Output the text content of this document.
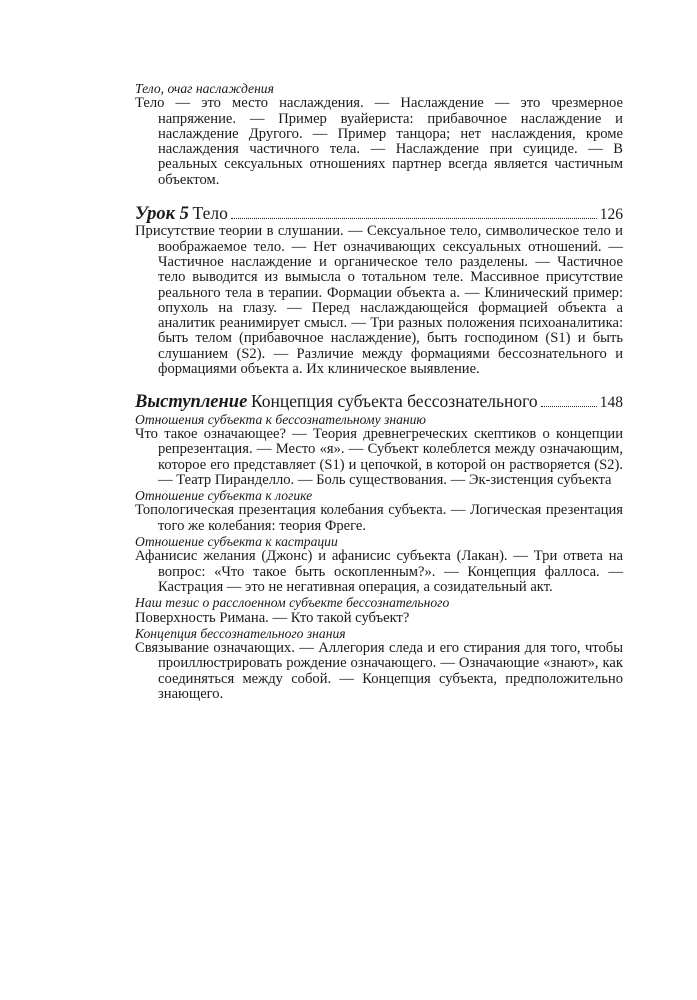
Тело, очаг наслаждения

Тело — это место наслаждения. — Наслаждение — это чрезмерное напряжение. — Пример вуайериста: прибавочное наслаждение и наслаждение Другого. — Пример танцора; нет наслаждения, кроме наслаждения частичного тела. — Наслаждение при суициде. — В реальных сексуальных отношениях партнер всегда является частичным объектом.

Урок 5
Тело	126

Присутствие теории в слушании. — Сексуальное тело, символическое тело и воображаемое тело. — Нет означивающих сексуальных отношений. — Частичное наслаждение и органическое тело разделены. — Частичное тело выводится из вымысла о тотальном теле. Массивное присутствие реального тела в терапии. Формации объекта a. — Клинический пример: опухоль на глазу. — Перед наслаждающейся формацией объекта a аналитик реанимирует смысл. — Три разных положения психоаналитика: быть телом (прибавочное наслаждение), быть господином (S1) и быть слушанием (S2). — Различие между формациями бессознательного и формациями объекта a. Их клиническое выявление.

Выступление
Концепция субъекта бессознательного	148

Отношения субъекта к бессознательному знанию

Что такое означающее? — Теория древнегреческих скептиков о концепции репрезентация. — Место «я». — Субъект колеблется между означающим, которое его представляет (S1) и цепочкой, в которой он растворяется (S2). — Театр Пиранделло. — Боль существования. — Эк-зистенция субъекта

Отношение субъекта к логике

Топологическая презентация колебания субъекта. — Логическая презентация того же колебания: теория Фреге.

Отношение субъекта к кастрации

Афанисис желания (Джонс) и афанисис субъекта (Лакан). — Три ответа на вопрос: «Что такое быть оскопленным?». — Концепция фаллоса. — Кастрация — это не негативная операция, а созидательный акт.

Наш тезис о расслоенном субъекте бессознательного

Поверхность Римана. — Кто такой субъект?

Концепция бессознательного знания

Связывание означающих. — Аллегория следа и его стирания для того, чтобы проиллюстрировать рождение означающего. — Означающие «знают», как соединяться между собой. — Концепция субъекта, предположительно знающего.
